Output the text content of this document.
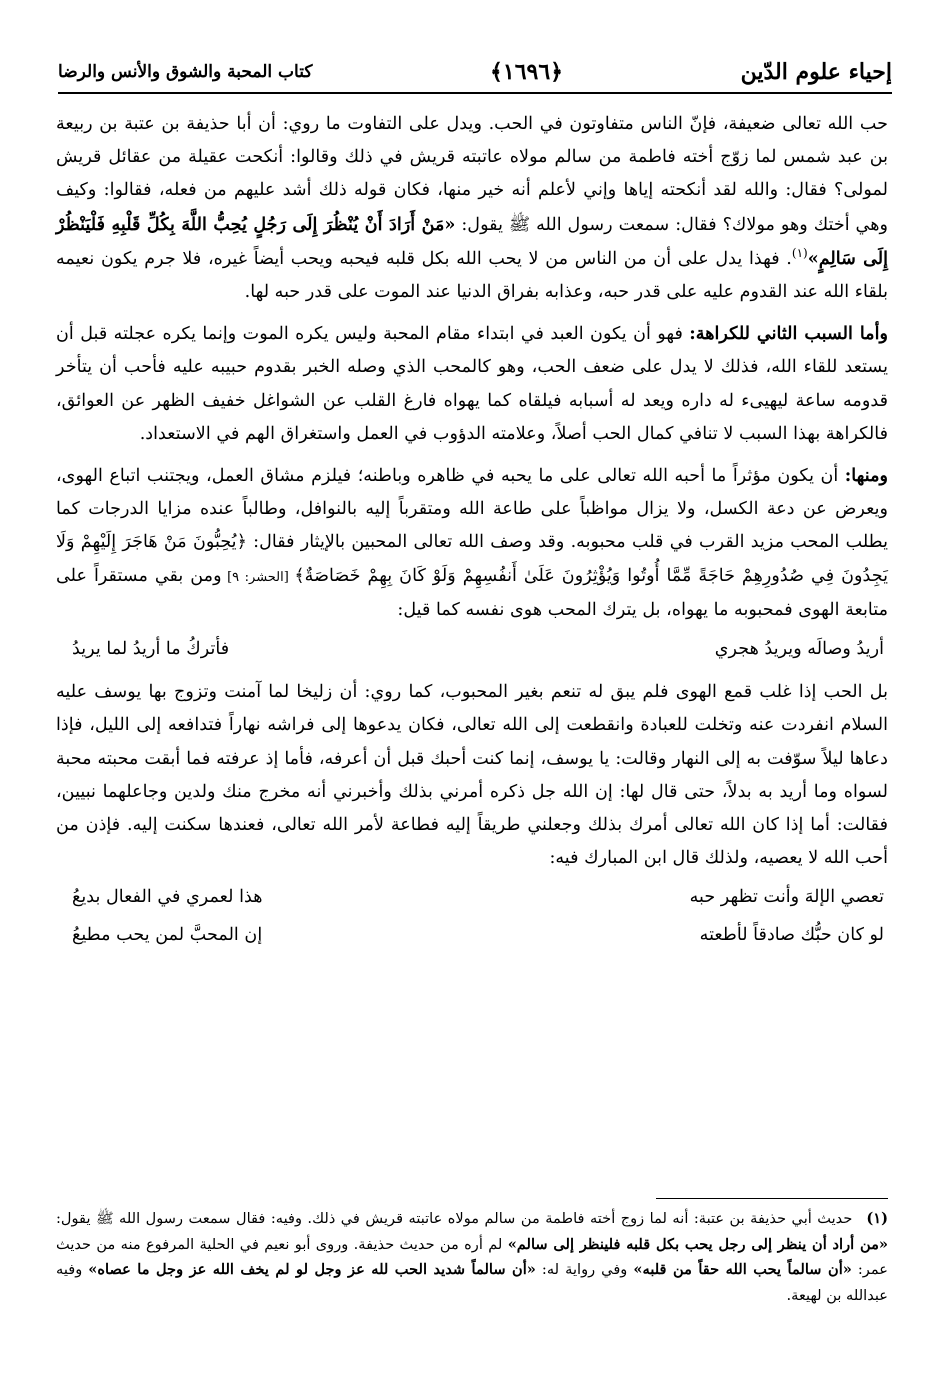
إحياء علوم الدّين
﴿١٦٩٦﴾
كتاب المحبة والشوق والأنس والرضا

حب الله تعالى ضعيفة، فإنّ الناس متفاوتون في الحب. ويدل على التفاوت ما روي: أن أبا حذيفة بن عتبة بن ربيعة بن عبد شمس لما زوّج أخته فاطمة من سالم مولاه عاتبته قريش في ذلك وقالوا: أنكحت عقيلة من عقائل قريش لمولى؟ فقال: والله لقد أنكحته إياها وإني لأعلم أنه خير منها، فكان قوله ذلك أشد عليهم من فعله، فقالوا: وكيف وهي أختك وهو مولاك؟ فقال: سمعت رسول الله ﷺ يقول: «مَنْ أَرَادَ أَنْ يُنْظُرَ إِلَى رَجُلٍ يُحِبُّ اللَّهَ بِكُلِّ قَلْبِهِ فَلْيَنْظُرْ إِلَى سَالِمٍ»$^{(١)}$. فهذا يدل على أن من الناس من لا يحب الله بكل قلبه فيحبه ويحب أيضاً غيره، فلا جرم يكون نعيمه بلقاء الله عند القدوم عليه على قدر حبه، وعذابه بفراق الدنيا عند الموت على قدر حبه لها.

وأما السبب الثاني للكراهة: فهو أن يكون العبد في ابتداء مقام المحبة وليس يكره الموت وإنما يكره عجلته قبل أن يستعد للقاء الله، فذلك لا يدل على ضعف الحب، وهو كالمحب الذي وصله الخبر بقدوم حبيبه عليه فأحب أن يتأخر قدومه ساعة ليهيىء له داره ويعد له أسبابه فيلقاه كما يهواه فارغ القلب عن الشواغل خفيف الظهر عن العوائق، فالكراهة بهذا السبب لا تنافي كمال الحب أصلاً، وعلامته الدؤوب في العمل واستغراق الهم في الاستعداد.

ومنها: أن يكون مؤثراً ما أحبه الله تعالى على ما يحبه في ظاهره وباطنه؛ فيلزم مشاق العمل، ويجتنب اتباع الهوى، ويعرض عن دعة الكسل، ولا يزال مواظباً على طاعة الله ومتقرباً إليه بالنوافل، وطالباً عنده مزايا الدرجات كما يطلب المحب مزيد القرب في قلب محبوبه. وقد وصف الله تعالى المحبين بالإيثار فقال: ﴿يُحِبُّونَ مَنْ هَاجَرَ إِلَيْهِمْ وَلَا يَجِدُونَ فِي صُدُورِهِمْ حَاجَةً مِّمَّا أُوتُوا وَيُؤْثِرُونَ عَلَىٰ أَنفُسِهِمْ وَلَوْ كَانَ بِهِمْ خَصَاصَةٌ﴾ [الحشر: ٩] ومن بقي مستقراً على متابعة الهوى فمحبوبه ما يهواه، بل يترك المحب هوى نفسه كما قيل:

أريدُ وصالَه ويريدُ هجري
فأتركُ ما أريدُ لما يريدُ

بل الحب إذا غلب قمع الهوى فلم يبق له تنعم بغير المحبوب، كما روي: أن زليخا لما آمنت وتزوج بها يوسف عليه السلام انفردت عنه وتخلت للعبادة وانقطعت إلى الله تعالى، فكان يدعوها إلى فراشه نهاراً فتدافعه إلى الليل، فإذا دعاها ليلاً سوّفت به إلى النهار وقالت: يا يوسف، إنما كنت أحبك قبل أن أعرفه، فأما إذ عرفته فما أبقت محبته محبة لسواه وما أريد به بدلاً، حتى قال لها: إن الله جل ذكره أمرني بذلك وأخبرني أنه مخرج منك ولدين وجاعلهما نبيين، فقالت: أما إذا كان الله تعالى أمرك بذلك وجعلني طريقاً إليه فطاعة لأمر الله تعالى، فعندها سكنت إليه. فإذن من أحب الله لا يعصيه، ولذلك قال ابن المبارك فيه:

تعصي الإلهَ وأنت تظهر حبه
هذا لعمري في الفعال بديعُ
لو كان حبُّك صادقاً لأطعته
إن المحبَّ لمن يحب مطيعُ
(١)حديث أبي حذيفة بن عتبة: أنه لما زوج أخته فاطمة من سالم مولاه عاتبته قريش في ذلك. وفيه: فقال سمعت رسول الله ﷺ يقول: «من أراد أن ينظر إلى رجل يحب بكل قلبه فلينظر إلى سالم» لم أره من حديث حذيفة. وروى أبو نعيم في الحلية المرفوع منه من حديث عمر: «أن سالماً يحب الله حقاً من قلبه» وفي رواية له: «أن سالماً شديد الحب لله عز وجل لو لم يخف الله عز وجل ما عصاه» وفيه عبدالله بن لهيعة.
